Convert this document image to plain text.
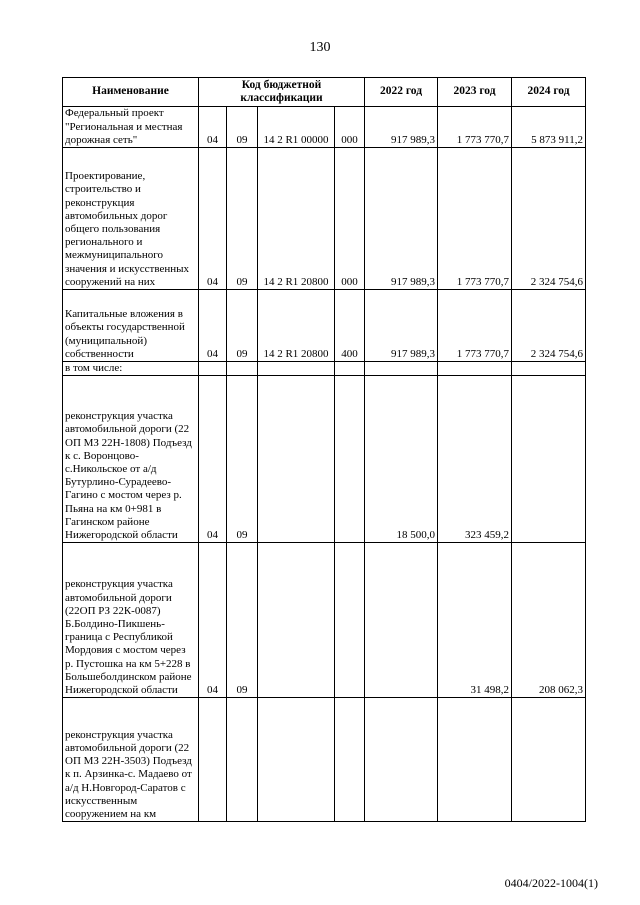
130
Наименование	Код бюджетной классификации				2022 год	2023 год	2024 год
Федеральный проект "Региональная и местная дорожная сеть"	04	09	14 2 R1 00000	000	917 989,3	1 773 770,7	5 873 911,2
Проектирование, строительство и реконструкция автомобильных дорог общего пользования регионального и межмуниципального значения и искусственных сооружений на них	04	09	14 2 R1 20800	000	917 989,3	1 773 770,7	2 324 754,6
Капитальные вложения в объекты государственной (муниципальной) собственности	04	09	14 2 R1 20800	400	917 989,3	1 773 770,7	2 324 754,6
в том числе:							
реконструкция участка автомобильной дороги (22 ОП МЗ 22Н-1808) Подъезд к с. Воронцово-с.Никольское от а/д Бутурлино-Сурадеево-Гагино с мостом через р. Пьяна на км 0+981 в Гагинском районе Нижегородской области	04	09			18 500,0	323 459,2	
реконструкция участка автомобильной дороги (22ОП РЗ 22К-0087) Б.Болдино-Пикшень-граница с Республикой Мордовия с мостом через р. Пустошка на км 5+228 в Большеболдинском районе Нижегородской области	04	09				31 498,2	208 062,3
реконструкция участка автомобильной дороги (22 ОП МЗ 22Н-3503) Подъезд к п. Арзинка-с. Мадаево от а/д Н.Новгород-Саратов с искусственным сооружением на км							
0404/2022-1004(1)
